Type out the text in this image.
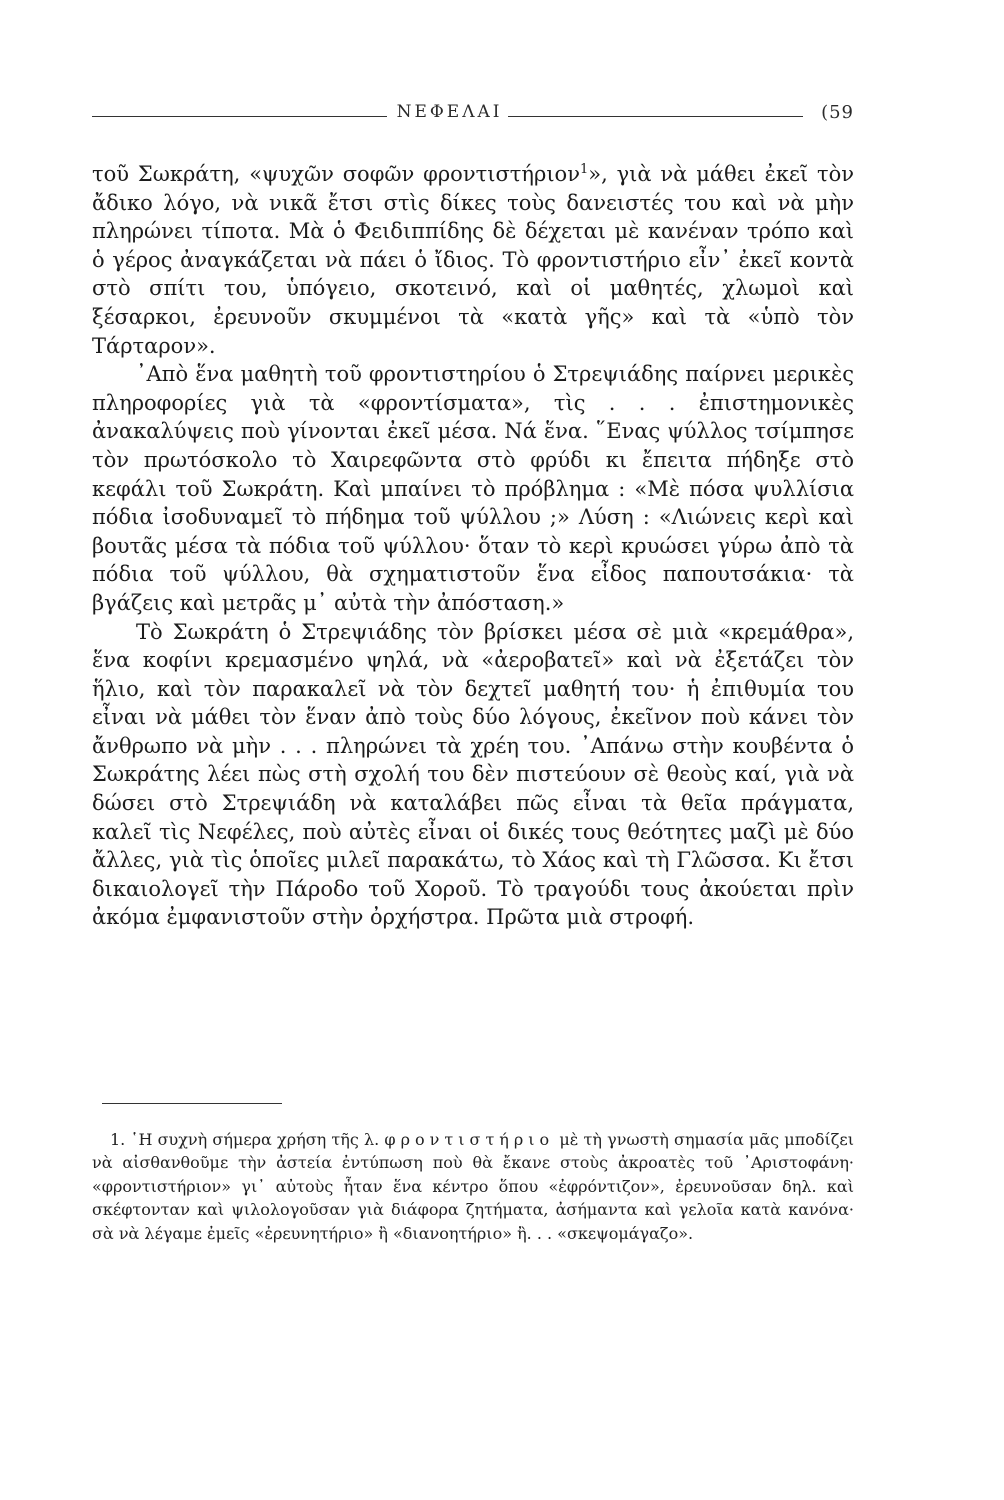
ΝΕΦΕΛΑΙ	(59

τοῦ Σωκράτη, «ψυχῶν σοφῶν φροντιστήριον$^1$», γιὰ νὰ μάθει ἐκεῖ τὸν ἄδικο λόγο, νὰ νικᾶ ἔτσι στὶς δίκες τοὺς δανειστές του καὶ νὰ μὴν πληρώνει τίποτα. Μὰ ὁ Φειδιππίδης δὲ δέχεται μὲ κανέναν τρόπο καὶ ὁ γέρος ἀναγκάζεται νὰ πάει ὁ ἴδιος. Τὸ φροντιστήριο εἶν᾽ ἐκεῖ κοντὰ στὸ σπίτι του, ὑπόγειο, σκοτεινό, καὶ οἱ μαθητές, χλωμοὶ καὶ ξέσαρκοι, ἐρευνοῦν σκυμμένοι τὰ «κατὰ γῆς» καὶ τὰ «ὑπὸ τὸν Τάρταρον».

᾽Απὸ ἕνα μαθητὴ τοῦ φροντιστηρίου ὁ Στρεψιάδης παίρνει μερικὲς πληροφορίες γιὰ τὰ «φροντίσματα», τὶς . . . ἐπιστημονικὲς ἀνακαλύψεις ποὺ γίνονται ἐκεῖ μέσα. Νά ἕνα. ῞Ενας ψύλλος τσίμπησε τὸν πρωτόσκολο τὸ Χαιρεφῶντα στὸ φρύδι κι ἔπειτα πήδηξε στὸ κεφάλι τοῦ Σωκράτη. Καὶ μπαίνει τὸ πρόβλημα : «Μὲ πόσα ψυλλίσια πόδια ἰσοδυναμεῖ τὸ πήδημα τοῦ ψύλλου ;» Λύση : «Λιώνεις κερὶ καὶ βουτᾶς μέσα τὰ πόδια τοῦ ψύλλου· ὅταν τὸ κερὶ κρυώσει γύρω ἀπὸ τὰ πόδια τοῦ ψύλλου, θὰ σχηματιστοῦν ἕνα εἶδος παπουτσάκια· τὰ βγάζεις καὶ μετρᾶς μ᾽ αὐτὰ τὴν ἀπόσταση.»

Τὸ Σωκράτη ὁ Στρεψιάδης τὸν βρίσκει μέσα σὲ μιὰ «κρεμάθρα», ἕνα κοφίνι κρεμασμένο ψηλά, νὰ «ἀεροβατεῖ» καὶ νὰ ἐξετάζει τὸν ἥλιο, καὶ τὸν παρακαλεῖ νὰ τὸν δεχτεῖ μαθητή του· ἡ ἐπιθυμία του εἶναι νὰ μάθει τὸν ἕναν ἀπὸ τοὺς δύο λόγους, ἐκεῖνον ποὺ κάνει τὸν ἄνθρωπο νὰ μὴν . . . πληρώνει τὰ χρέη του. ᾽Απάνω στὴν κουβέντα ὁ Σωκράτης λέει πὼς στὴ σχολή του δὲν πιστεύουν σὲ θεοὺς καί, γιὰ νὰ δώσει στὸ Στρεψιάδη νὰ καταλάβει πῶς εἶναι τὰ θεῖα πράγματα, καλεῖ τὶς Νεφέλες, ποὺ αὐτὲς εἶναι οἱ δικές τους θεότητες μαζὶ μὲ δύο ἄλλες, γιὰ τὶς ὁποῖες μιλεῖ παρακάτω, τὸ Χάος καὶ τὴ Γλῶσσα. Κι ἔτσι δικαιολογεῖ τὴν Πάροδο τοῦ Χοροῦ. Τὸ τραγούδι τους ἀκούεται πρὶν ἀκόμα ἐμφανιστοῦν στὴν ὀρχήστρα. Πρῶτα μιὰ στροφή.

1. ῾Η συχνὴ σήμερα χρήση τῆς λ. φροντιστήριο μὲ τὴ γνωστὴ σημασία μᾶς μποδίζει νὰ αἰσθανθοῦμε τὴν ἀστεία ἐντύπωση ποὺ θὰ ἔκανε στοὺς ἀκροατὲς τοῦ ᾽Αριστοφάνη· «φροντιστήριον» γι᾽ αὐτοὺς ἦταν ἕνα κέντρο ὅπου «ἐφρόντιζον», ἐρευνοῦσαν δηλ. καὶ σκέφτονταν καὶ ψιλολογοῦσαν γιὰ διάφορα ζητήματα, ἀσήμαντα καὶ γελοῖα κατὰ κανόνα· σὰ νὰ λέγαμε ἐμεῖς «ἐρευνητήριο» ἢ «διανοητήριο» ἢ. . . «σκεψομάγαζο».
